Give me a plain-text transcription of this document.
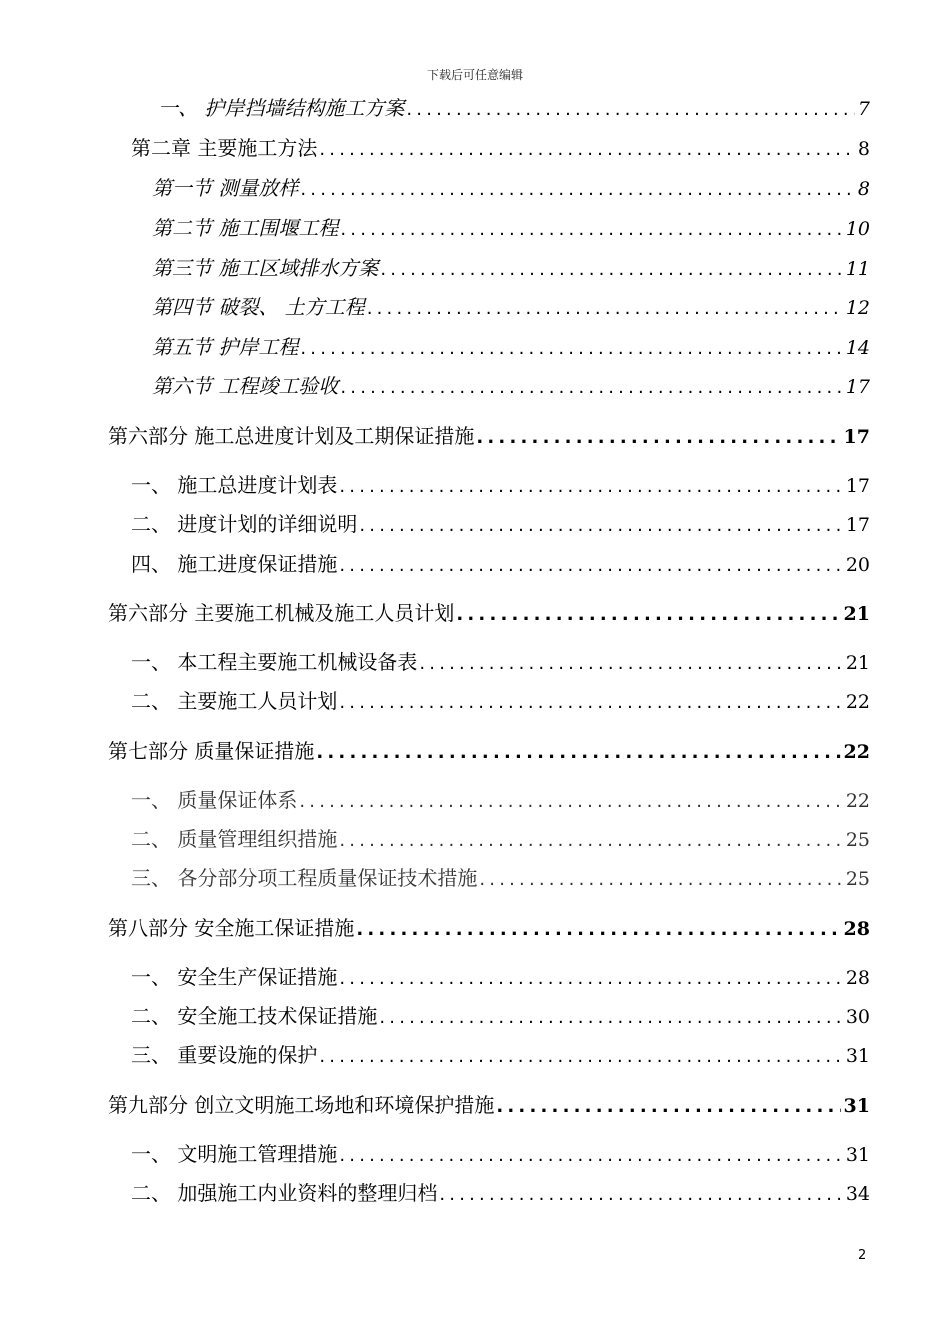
下载后可任意编辑
一、 护岸挡墙结构施工方案 .....	7
第二章 主要施工方法 .....	8
第一节 测量放样 .....	8
第二节 施工围堰工程 .....	10
第三节 施工区域排水方案 .....	11
第四节 破裂、 土方工程 .....	12
第五节 护岸工程 .....	14
第六节 工程竣工验收 .....	17
第六部分 施工总进度计划及工期保证措施 .....	17
一、 施工总进度计划表 .....	17
二、 进度计划的详细说明 .....	17
四、 施工进度保证措施 .....	20
第六部分 主要施工机械及施工人员计划 .....	21
一、 本工程主要施工机械设备表 .....	21
二、 主要施工人员计划 .....	22
第七部分 质量保证措施 .....	22
一、 质量保证体系 .....	22
二、 质量管理组织措施 .....	25
三、 各分部分项工程质量保证技术措施 .....	25
第八部分 安全施工保证措施 .....	28
一、 安全生产保证措施 .....	28
二、 安全施工技术保证措施 .....	30
三、 重要设施的保护 .....	31
第九部分 创立文明施工场地和环境保护措施 .....	31
一、 文明施工管理措施 .....	31
二、 加强施工内业资料的整理归档 .....	34
2
